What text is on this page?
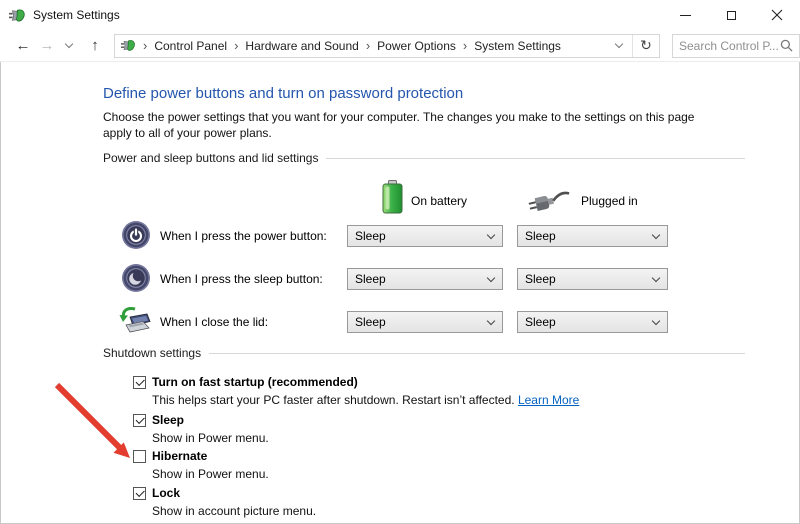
System Settings
← →	↑	› Control Panel › Hardware and Sound › Power Options › System Settings	↻
Search Control P...
Define power buttons and turn on password protection
Choose the power settings that you want for your computer. The changes you make to the settings on this page apply to all of your power plans.
Power and sleep buttons and lid settings
On battery	Plugged in
When I press the power button: Sleep	Sleep
When I press the sleep button:	Sleep	Sleep
When I close the lid:	Sleep	Sleep
Shutdown settings
Turn on fast startup (recommended)
This helps start your PC faster after shutdown. Restart isn’t affected. Learn More
Sleep
Show in Power menu.
Hibernate
Show in Power menu.
Lock
Show in account picture menu.
